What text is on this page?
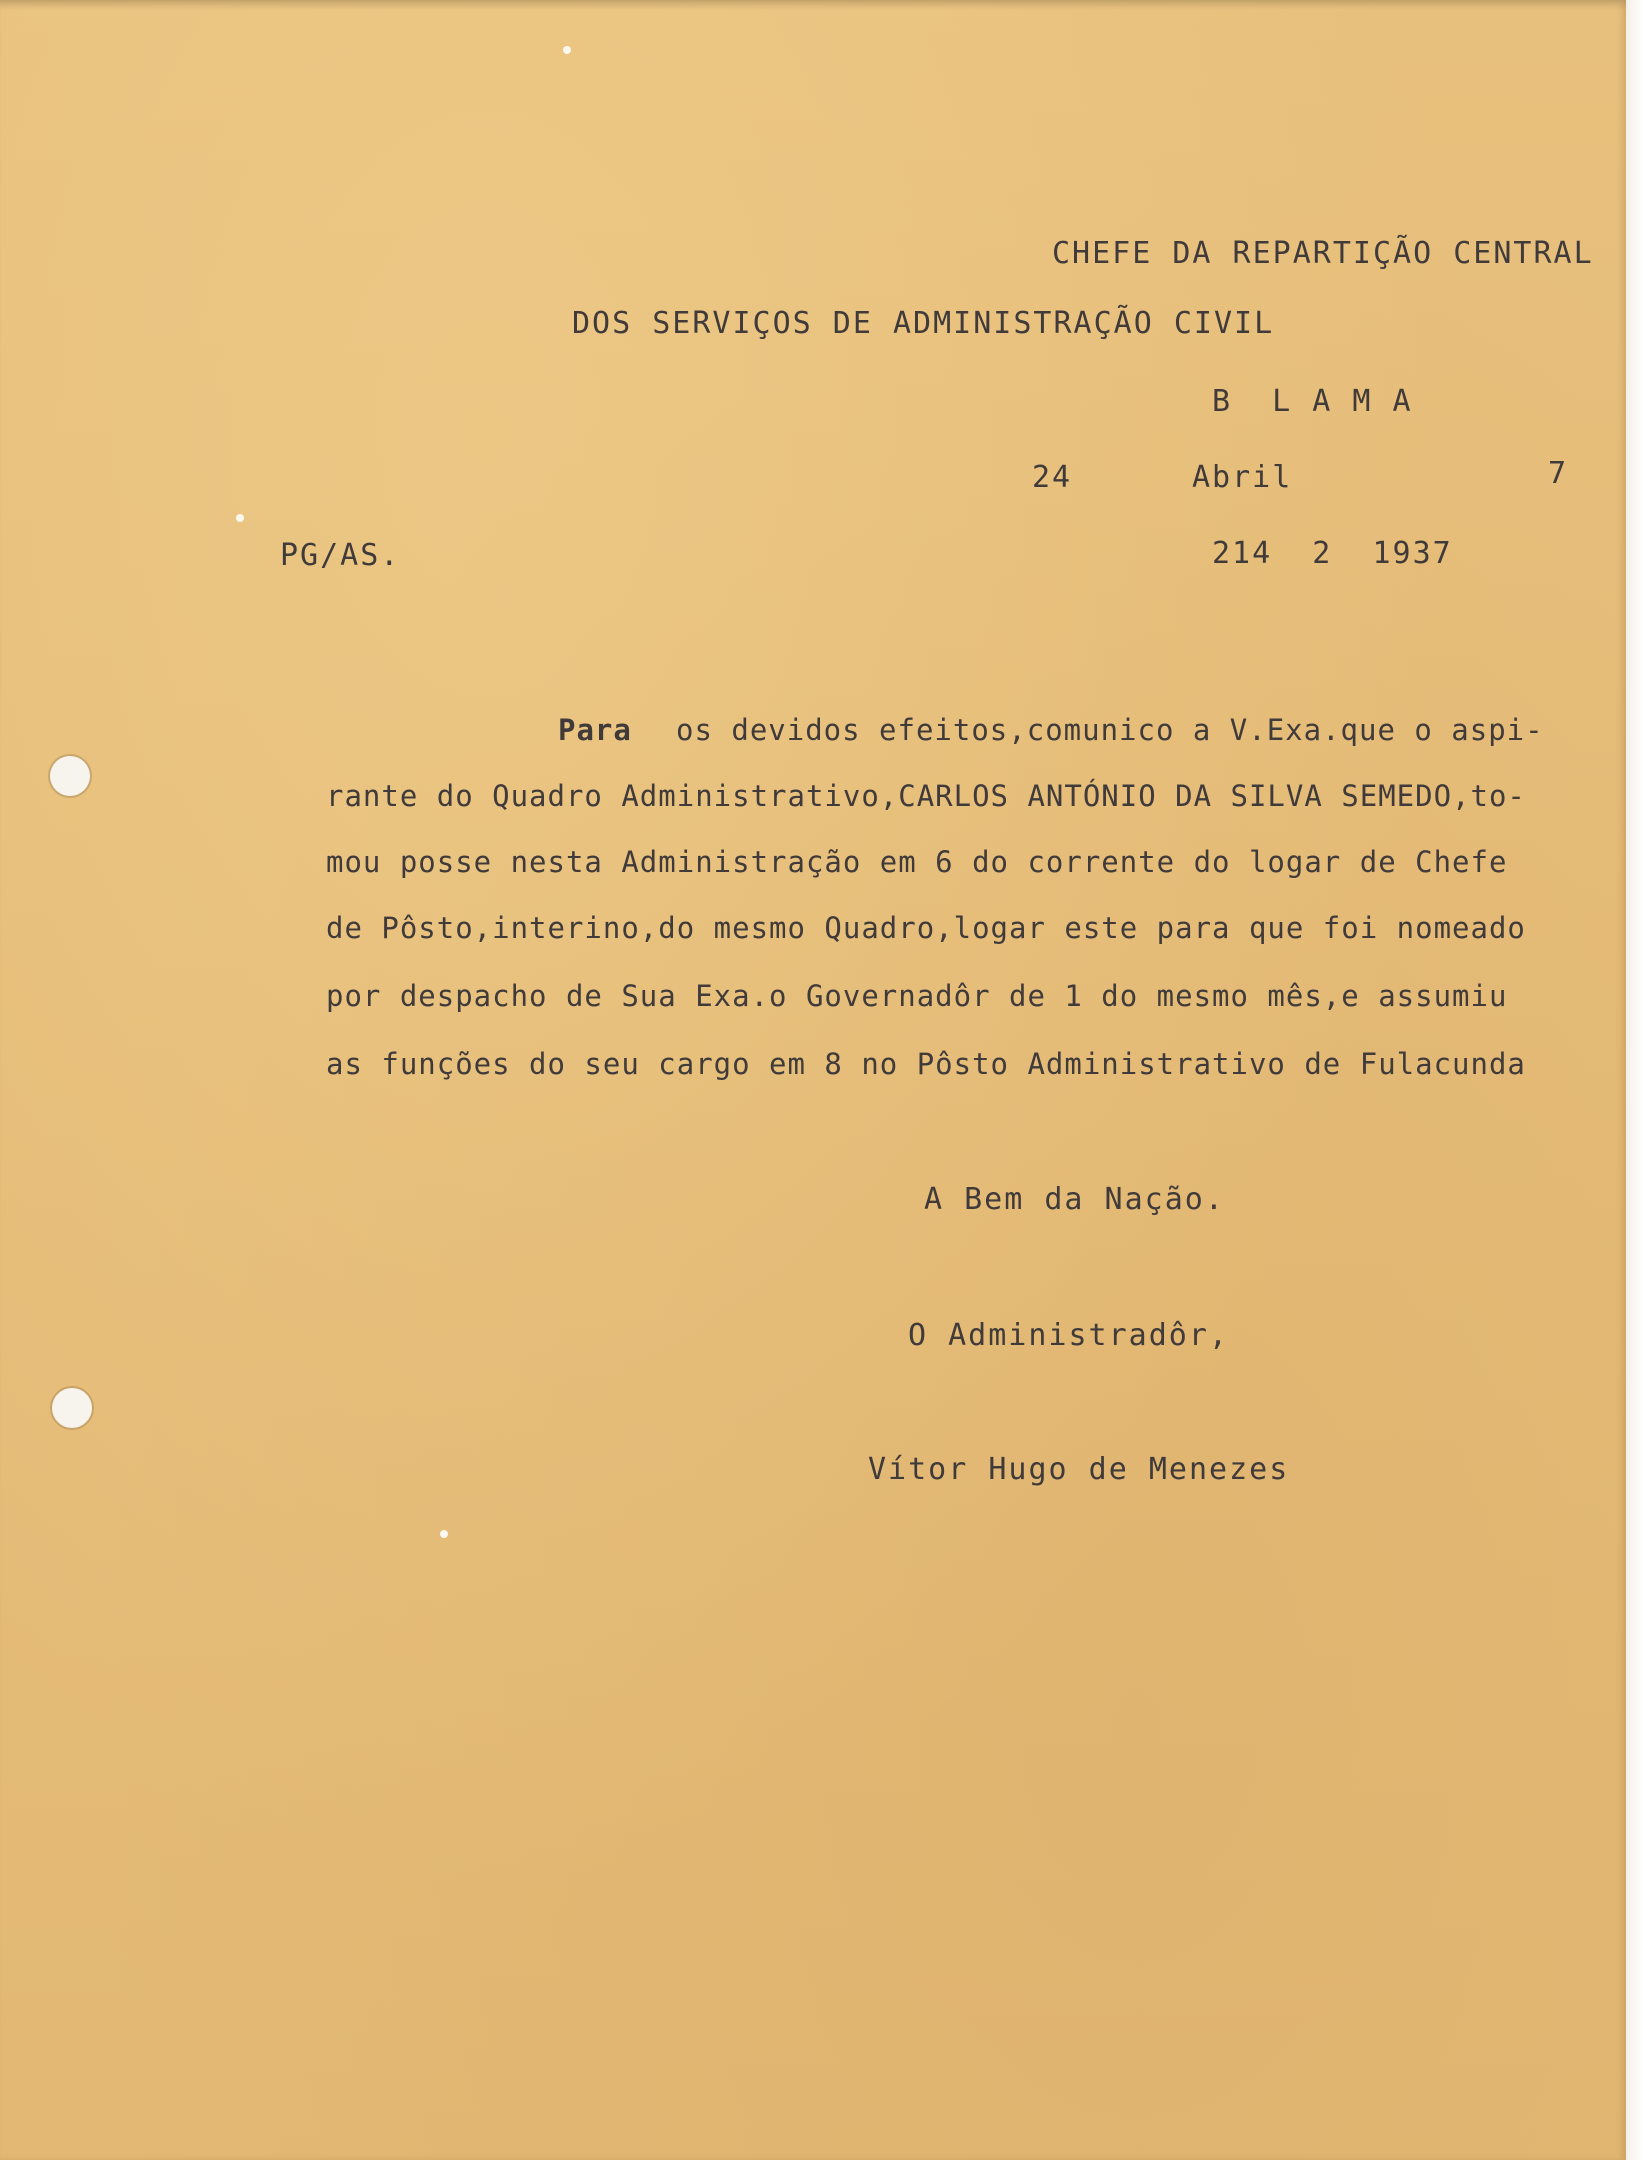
CHEFE DA REPARTIÇÃO CENTRAL

DOS SERVIÇOS DE ADMINISTRAÇÃO CIVIL

B  L A M A

24	Abril	7

PG/AS.	214  2  1937

Para os devidos efeitos,comunico a V.Exa.que o aspi-

rante do Quadro Administrativo,CARLOS ANTÓNIO DA SILVA SEMEDO,to-

mou posse nesta Administração em 6 do corrente do logar de Chefe

de Pôsto,interino,do mesmo Quadro,logar este para que foi nomeado

por despacho de Sua Exa.o Governadôr de 1 do mesmo mês,e assumiu

as funções do seu cargo em 8 no Pôsto Administrativo de Fulacunda

A Bem da Nação.

O Administradôr,

Vítor Hugo de Menezes
